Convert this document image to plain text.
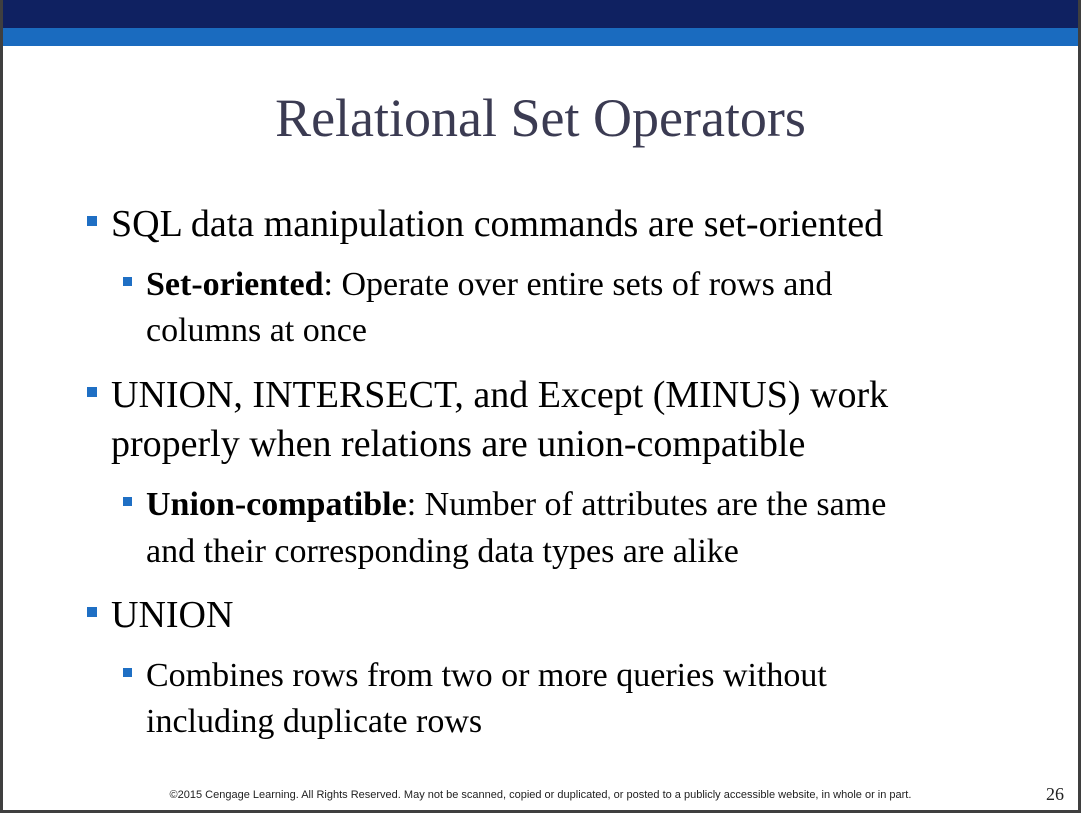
Relational Set Operators
SQL data manipulation commands are set-oriented
Set-oriented: Operate over entire sets of rows and
columns at once
UNION, INTERSECT, and Except (MINUS) work
properly when relations are union-compatible
Union-compatible: Number of attributes are the same
and their corresponding data types are alike
UNION
Combines rows from two or more queries without
including duplicate rows
©2015 Cengage Learning. All Rights Reserved. May not be scanned, copied or duplicated, or posted to a publicly accessible website, in whole or in part.	26
